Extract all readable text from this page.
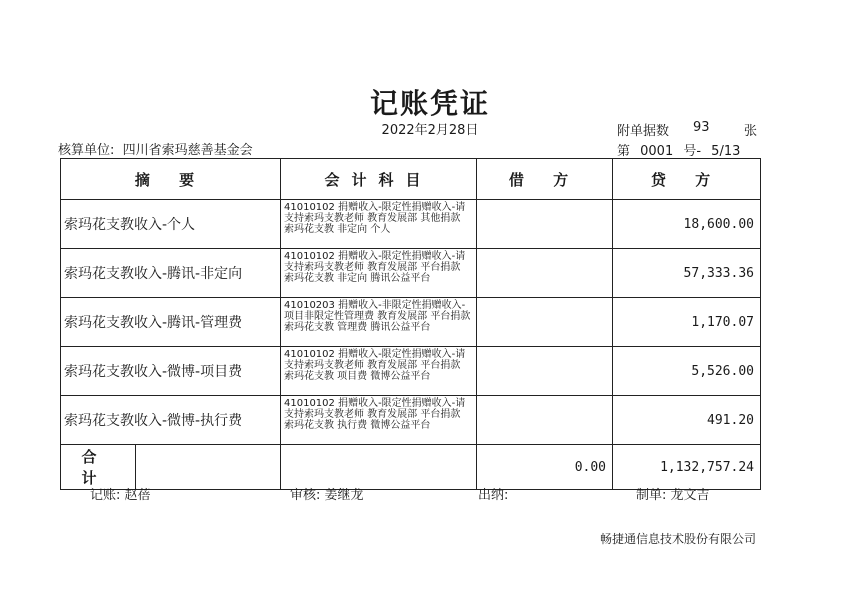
记账凭证
2022年2月28日
核算单位: 四川省索玛慈善基金会
附单据数 93	张
第 0001 号- 5/13
摘 要	会计科目	借 方	贷 方
索玛花支教收入-个人	41010102 捐赠收入-限定性捐赠收入-请支持索玛支教老师 教育发展部 其他捐款 索玛花支教 非定向 个人		18,600.00
索玛花支教收入-腾讯-非定向	41010102 捐赠收入-限定性捐赠收入-请支持索玛支教老师 教育发展部 平台捐款 索玛花支教 非定向 腾讯公益平台		57,333.36
索玛花支教收入-腾讯-管理费	41010203 捐赠收入-非限定性捐赠收入-项目非限定性管理费 教育发展部 平台捐款 索玛花支教 管理费 腾讯公益平台		1,170.07
索玛花支教收入-微博-项目费	41010102 捐赠收入-限定性捐赠收入-请支持索玛支教老师 教育发展部 平台捐款 索玛花支教 项目费 微博公益平台		5,526.00
索玛花支教收入-微博-执行费	41010102 捐赠收入-限定性捐赠收入-请支持索玛支教老师 教育发展部 平台捐款 索玛花支教 执行费 微博公益平台		491.20

合 计		0.00	1,132,757.24
记账: 赵蓓	审核: 姜继龙	出纳:	制单: 龙文吉
畅捷通信息技术股份有限公司
